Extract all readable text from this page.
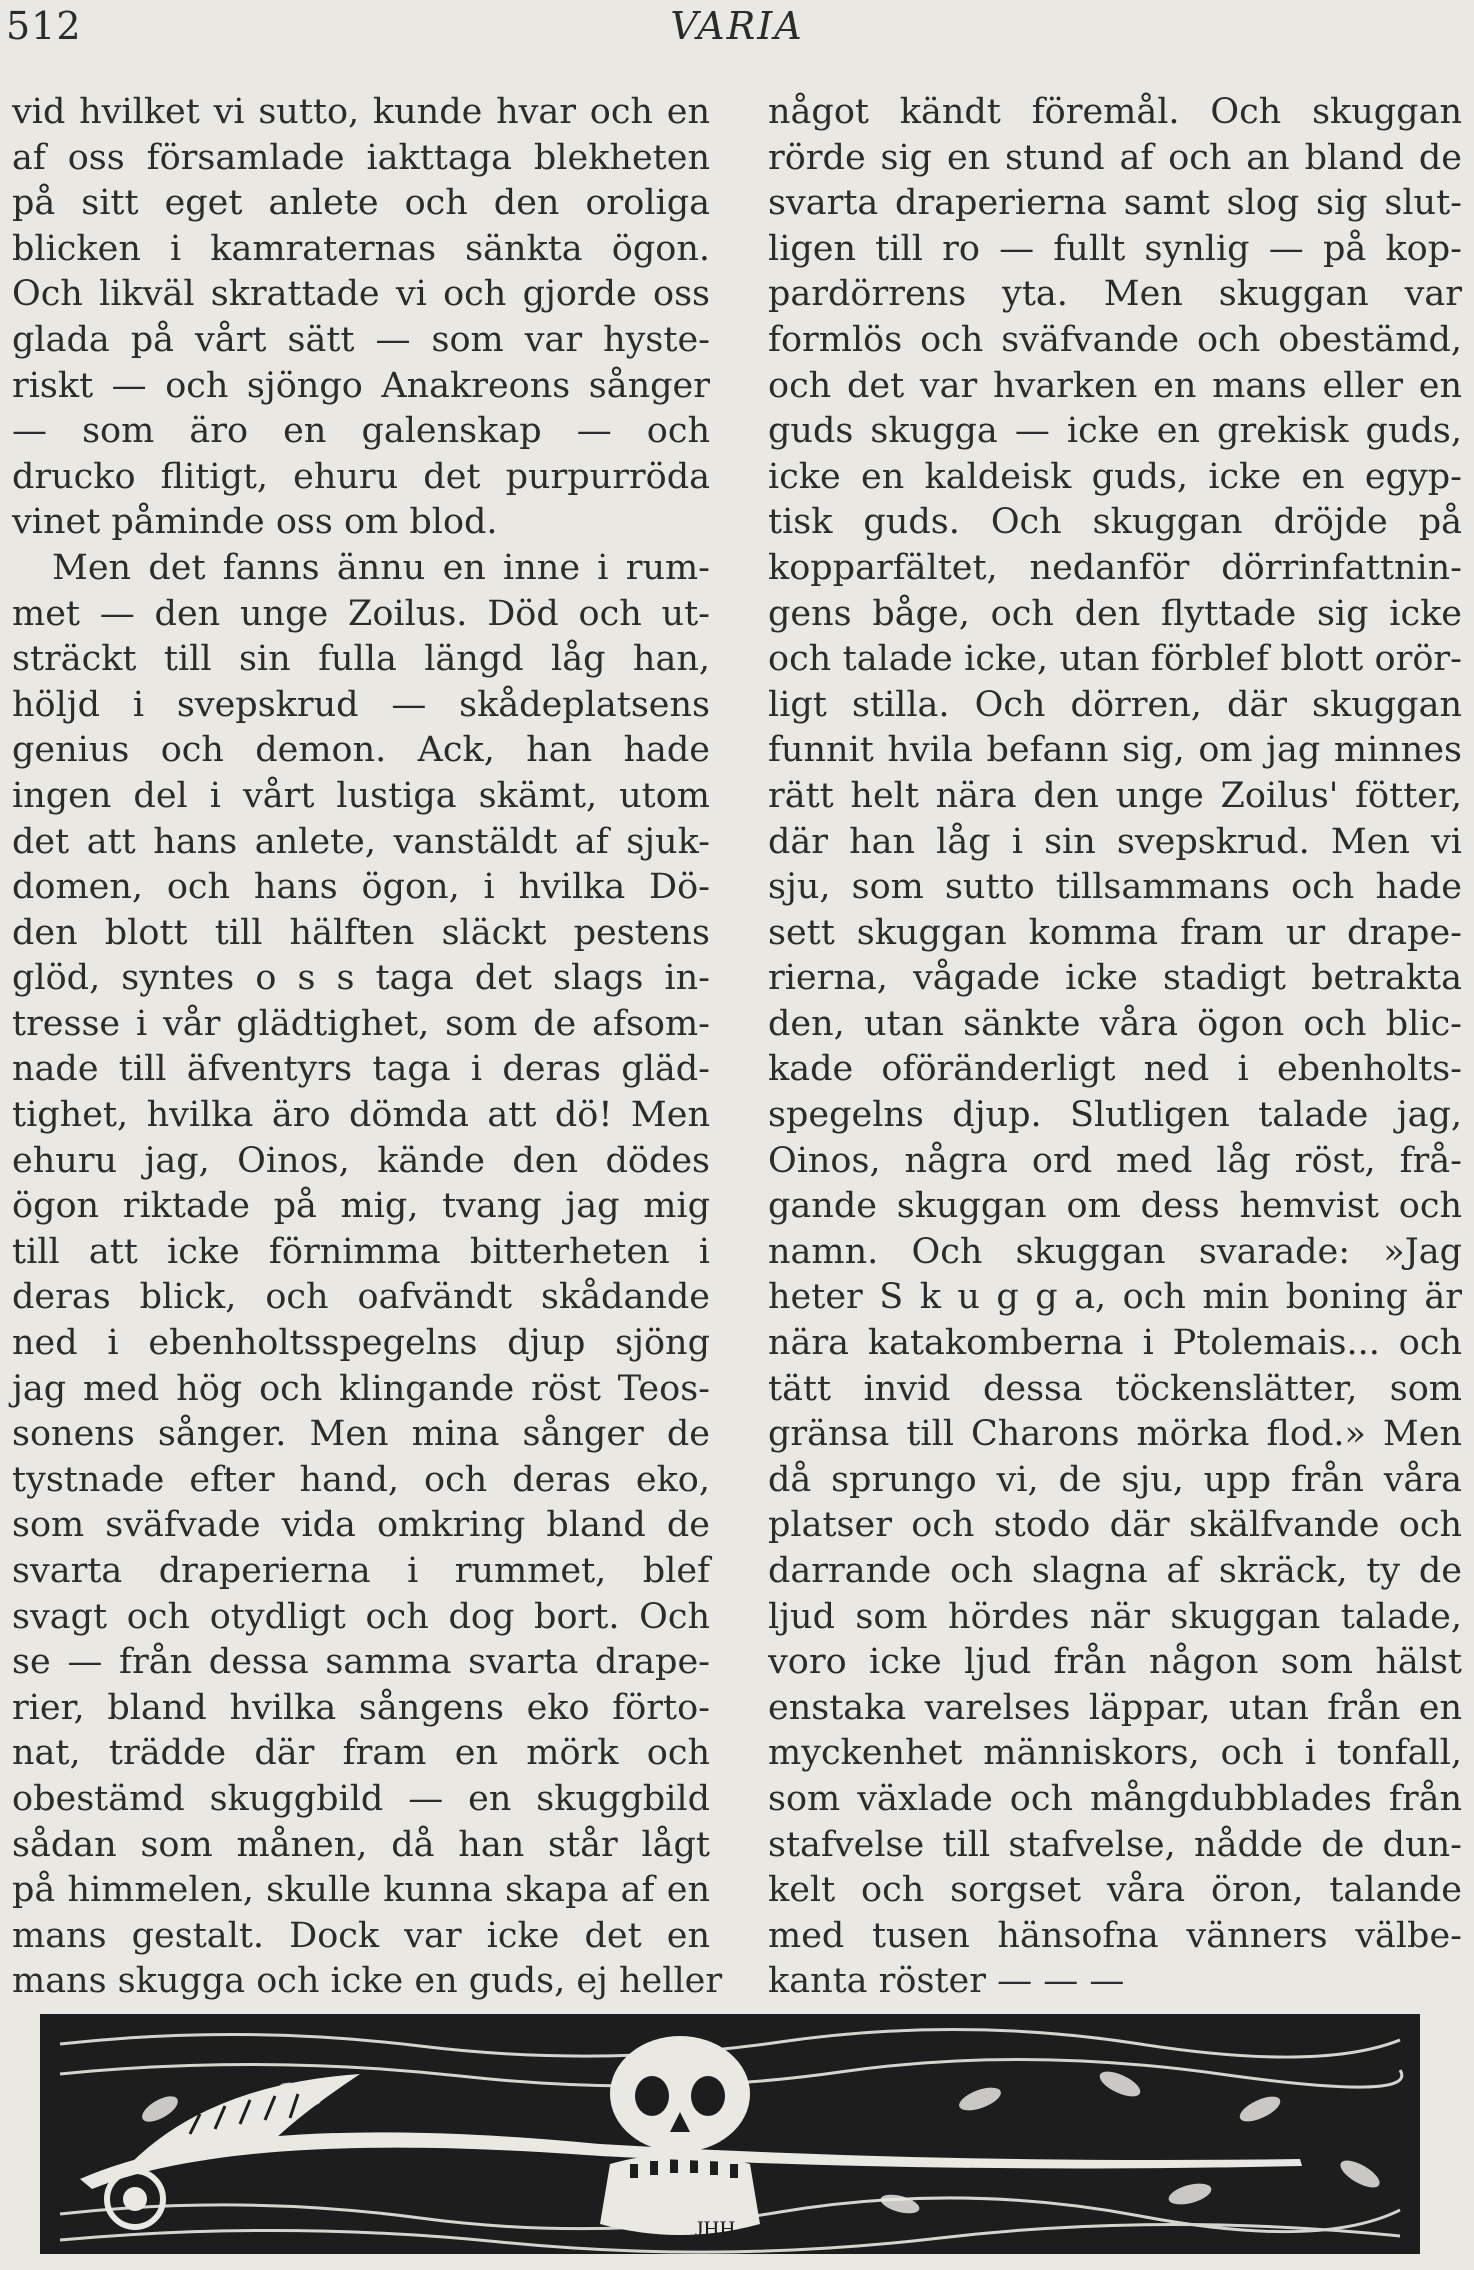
512	VARIA
vid hvilket vi sutto, kunde hvar och en
af oss församlade iakttaga blekheten
på sitt eget anlete och den oroliga
blicken i kamraternas sänkta ögon.
Och likväl skrattade vi och gjorde oss
glada på vårt sätt — som var hyste-
riskt — och sjöngo Anakreons sånger
— som äro en galenskap — och
drucko flitigt, ehuru det purpurröda
vinet påminde oss om blod.
Men det fanns ännu en inne i rum-
met — den unge Zoilus. Död och ut-
sträckt till sin fulla längd låg han,
höljd i svepskrud — skådeplatsens
genius och demon. Ack, han hade
ingen del i vårt lustiga skämt, utom
det att hans anlete, vanstäldt af sjuk-
domen, och hans ögon, i hvilka Dö-
den blott till hälften släckt pestens
glöd, syntes o s s taga det slags in-
tresse i vår glädtighet, som de afsom-
nade till äfventyrs taga i deras gläd-
tighet, hvilka äro dömda att dö! Men
ehuru jag, Oinos, kände den dödes
ögon riktade på mig, tvang jag mig
till att icke förnimma bitterheten i
deras blick, och oafvändt skådande
ned i ebenholtsspegelns djup sjöng
jag med hög och klingande röst Teos-
sonens sånger. Men mina sånger de
tystnade efter hand, och deras eko,
som sväfvade vida omkring bland de
svarta draperierna i rummet, blef
svagt och otydligt och dog bort. Och
se — från dessa samma svarta drape-
rier, bland hvilka sångens eko förto-
nat, trädde där fram en mörk och
obestämd skuggbild — en skuggbild
sådan som månen, då han står lågt
på himmelen, skulle kunna skapa af en
mans gestalt. Dock var icke det en
mans skugga och icke en guds, ej heller
något kändt föremål. Och skuggan
rörde sig en stund af och an bland de
svarta draperierna samt slog sig slut-
ligen till ro — fullt synlig — på kop-
pardörrens yta. Men skuggan var
formlös och sväfvande och obestämd,
och det var hvarken en mans eller en
guds skugga — icke en grekisk guds,
icke en kaldeisk guds, icke en egyp-
tisk guds. Och skuggan dröjde på
kopparfältet, nedanför dörrinfattnin-
gens båge, och den flyttade sig icke
och talade icke, utan förblef blott orör-
ligt stilla. Och dörren, där skuggan
funnit hvila befann sig, om jag minnes
rätt helt nära den unge Zoilus' fötter,
där han låg i sin svepskrud. Men vi
sju, som sutto tillsammans och hade
sett skuggan komma fram ur drape-
rierna, vågade icke stadigt betrakta
den, utan sänkte våra ögon och blic-
kade oföränderligt ned i ebenholts-
spegelns djup. Slutligen talade jag,
Oinos, några ord med låg röst, frå-
gande skuggan om dess hemvist och
namn. Och skuggan svarade: »Jag
heter S k u g g a, och min boning är
nära katakomberna i Ptolemais... och
tätt invid dessa töckenslätter, som
gränsa till Charons mörka flod.» Men
då sprungo vi, de sju, upp från våra
platser och stodo där skälfvande och
darrande och slagna af skräck, ty de
ljud som hördes när skuggan talade,
voro icke ljud från någon som hälst
enstaka varelses läppar, utan från en
myckenhet människors, och i tonfall,
som växlade och mångdubblades från
stafvelse till stafvelse, nådde de dun-
kelt och sorgset våra öron, talande
med tusen hänsofna vänners välbe-
kanta röster — — —
JHH
